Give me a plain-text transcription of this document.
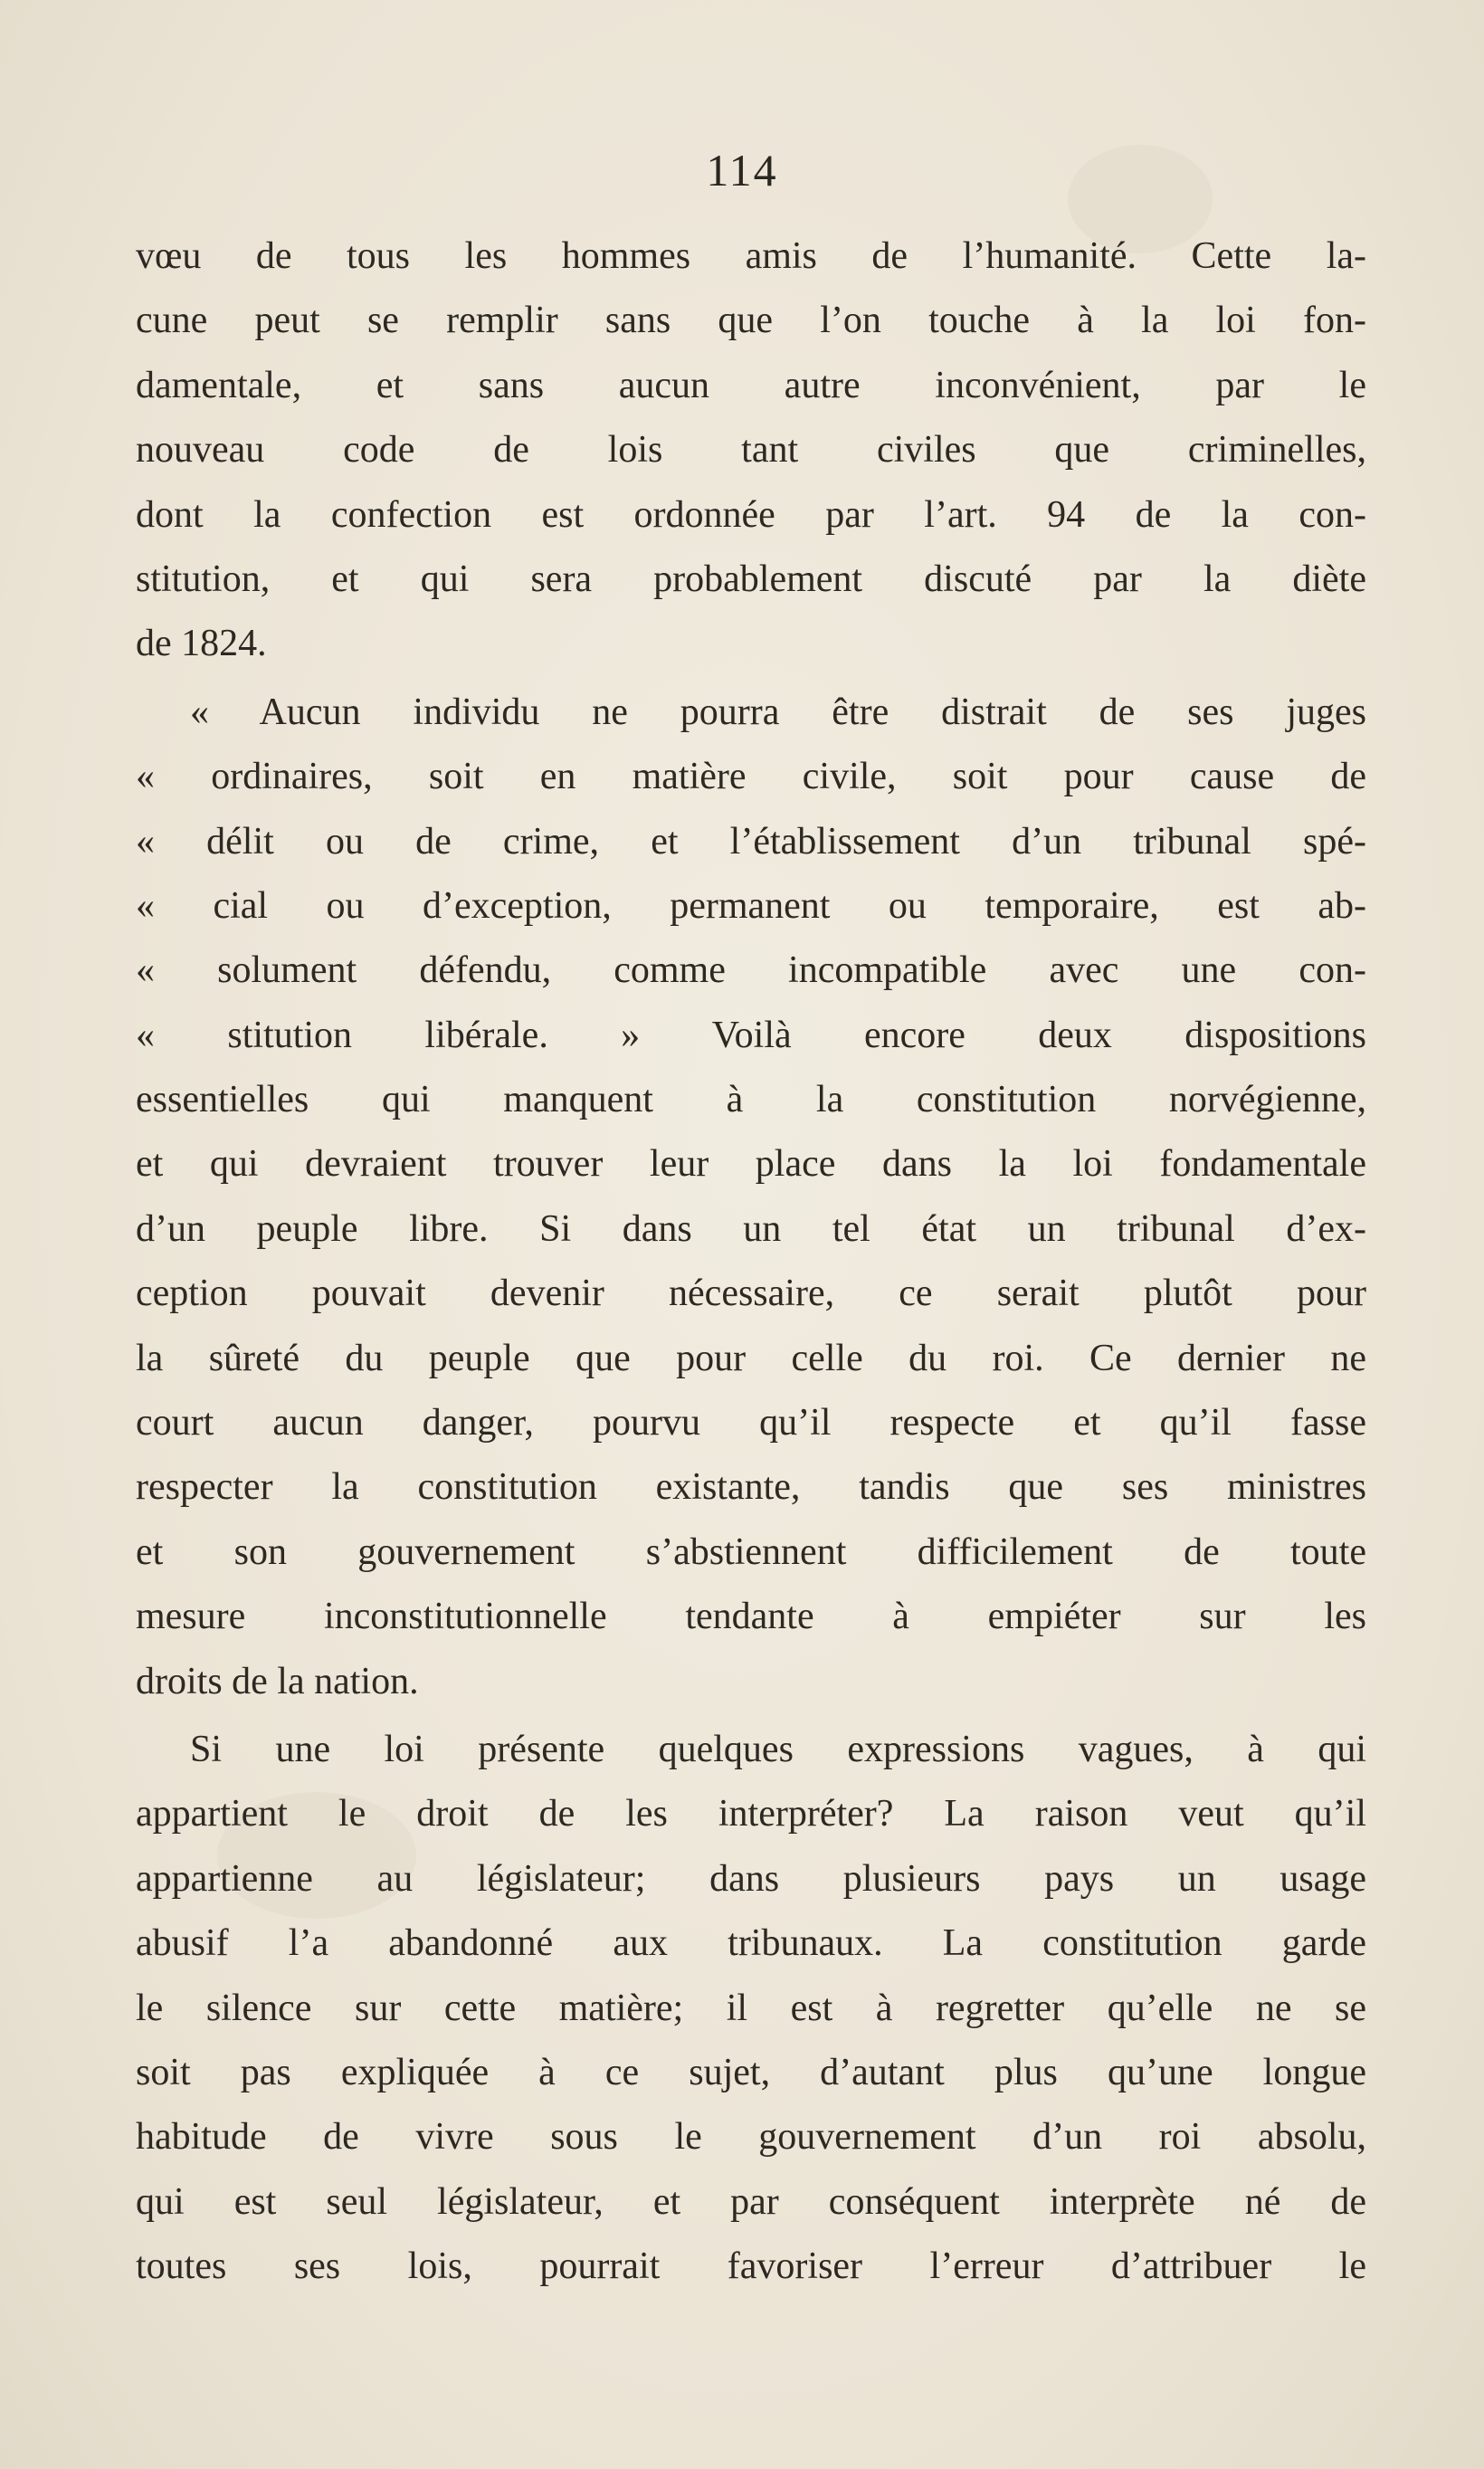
114
vœu de tous les hommes amis de l’humanité. Cette la-
cune peut se remplir sans que l’on touche à la loi fon-
damentale, et sans aucun autre inconvénient, par le
nouveau code de lois tant civiles que criminelles,
dont la confection est ordonnée par l’art. 94 de la con-
stitution, et qui sera probablement discuté par la diète
de 1824.
« Aucun individu ne pourra être distrait de ses juges
« ordinaires, soit en matière civile, soit pour cause de
« délit ou de crime, et l’établissement d’un tribunal spé-
« cial ou d’exception, permanent ou temporaire, est ab-
« solument défendu, comme incompatible avec une con-
« stitution libérale. » Voilà encore deux dispositions
essentielles qui manquent à la constitution norvégienne,
et qui devraient trouver leur place dans la loi fondamentale
d’un peuple libre. Si dans un tel état un tribunal d’ex-
ception pouvait devenir nécessaire, ce serait plutôt pour
la sûreté du peuple que pour celle du roi. Ce dernier ne
court aucun danger, pourvu qu’il respecte et qu’il fasse
respecter la constitution existante, tandis que ses ministres
et son gouvernement s’abstiennent difficilement de toute
mesure inconstitutionnelle tendante à empiéter sur les
droits de la nation.
Si une loi présente quelques expressions vagues, à qui
appartient le droit de les interpréter? La raison veut qu’il
appartienne au législateur; dans plusieurs pays un usage
abusif l’a abandonné aux tribunaux. La constitution garde
le silence sur cette matière; il est à regretter qu’elle ne se
soit pas expliquée à ce sujet, d’autant plus qu’une longue
habitude de vivre sous le gouvernement d’un roi absolu,
qui est seul législateur, et par conséquent interprète né de
toutes ses lois, pourrait favoriser l’erreur d’attribuer le
